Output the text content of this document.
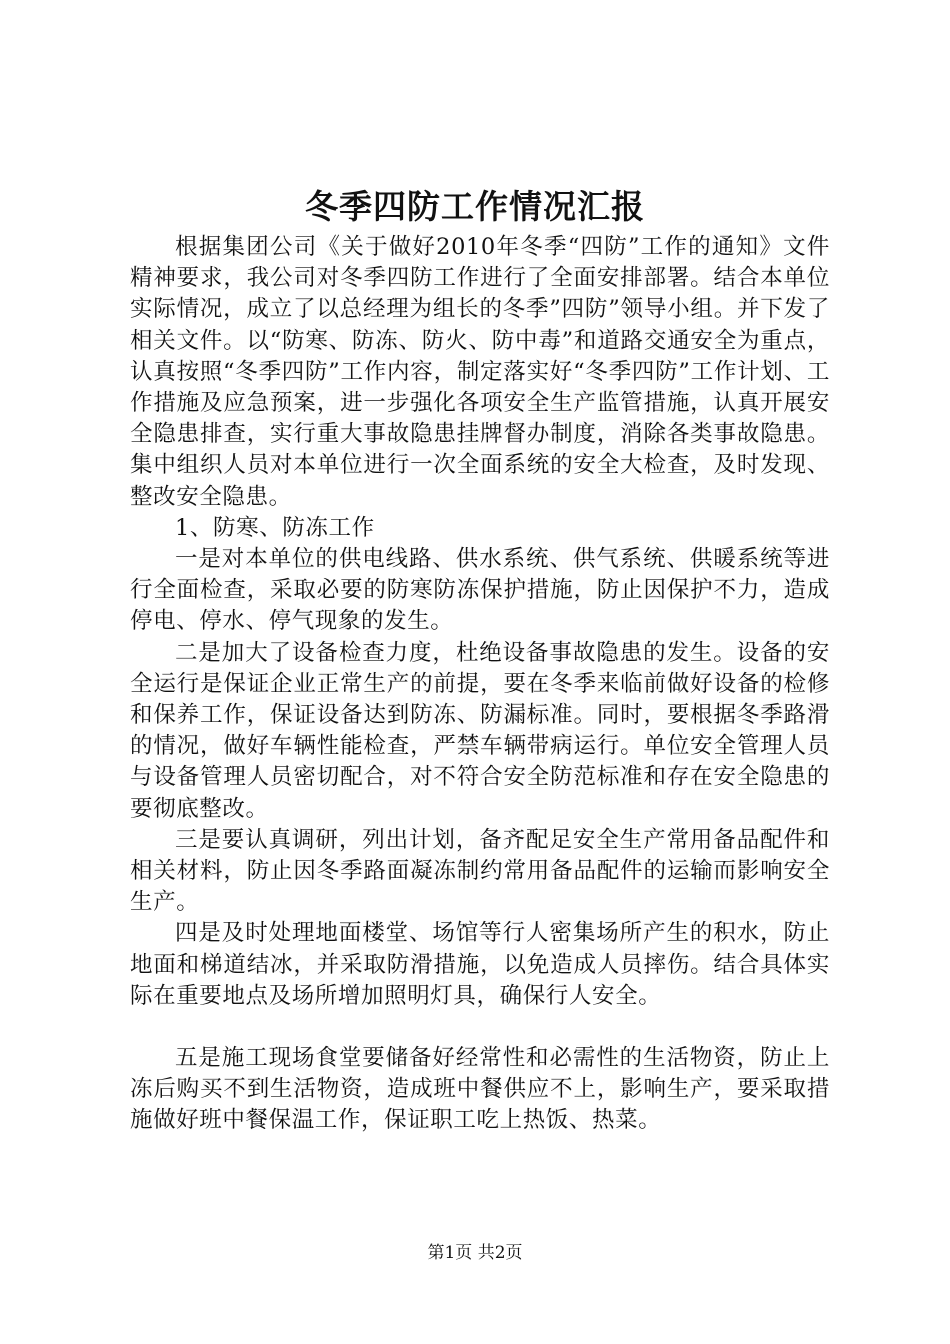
冬季四防工作情况汇报

根据集团公司《关于做好2010年冬季“四防”工作的通知》文件精神要求，我公司对冬季四防工作进行了全面安排部署。结合本单位实际情况，成立了以总经理为组长的冬季”四防”领导小组。并下发了相关文件。以“防寒、防冻、防火、防中毒”和道路交通安全为重点，认真按照“冬季四防”工作内容，制定落实好“冬季四防”工作计划、工作措施及应急预案，进一步强化各项安全生产监管措施，认真开展安全隐患排查，实行重大事故隐患挂牌督办制度，消除各类事故隐患。集中组织人员对本单位进行一次全面系统的安全大检查，及时发现、整改安全隐患。

1、防寒、防冻工作

一是对本单位的供电线路、供水系统、供气系统、供暖系统等进行全面检查，采取必要的防寒防冻保护措施，防止因保护不力，造成停电、停水、停气现象的发生。

二是加大了设备检查力度，杜绝设备事故隐患的发生。设备的安全运行是保证企业正常生产的前提，要在冬季来临前做好设备的检修和保养工作，保证设备达到防冻、防漏标准。同时，要根据冬季路滑的情况，做好车辆性能检查，严禁车辆带病运行。单位安全管理人员与设备管理人员密切配合，对不符合安全防范标准和存在安全隐患的要彻底整改。

三是要认真调研，列出计划，备齐配足安全生产常用备品配件和相关材料，防止因冬季路面凝冻制约常用备品配件的运输而影响安全生产。

四是及时处理地面楼堂、场馆等行人密集场所产生的积水，防止地面和梯道结冰，并采取防滑措施，以免造成人员摔伤。结合具体实际在重要地点及场所增加照明灯具，确保行人安全。

五是施工现场食堂要储备好经常性和必需性的生活物资，防止上冻后购买不到生活物资，造成班中餐供应不上，影响生产，要采取措施做好班中餐保温工作，保证职工吃上热饭、热菜。

第1页 共2页
